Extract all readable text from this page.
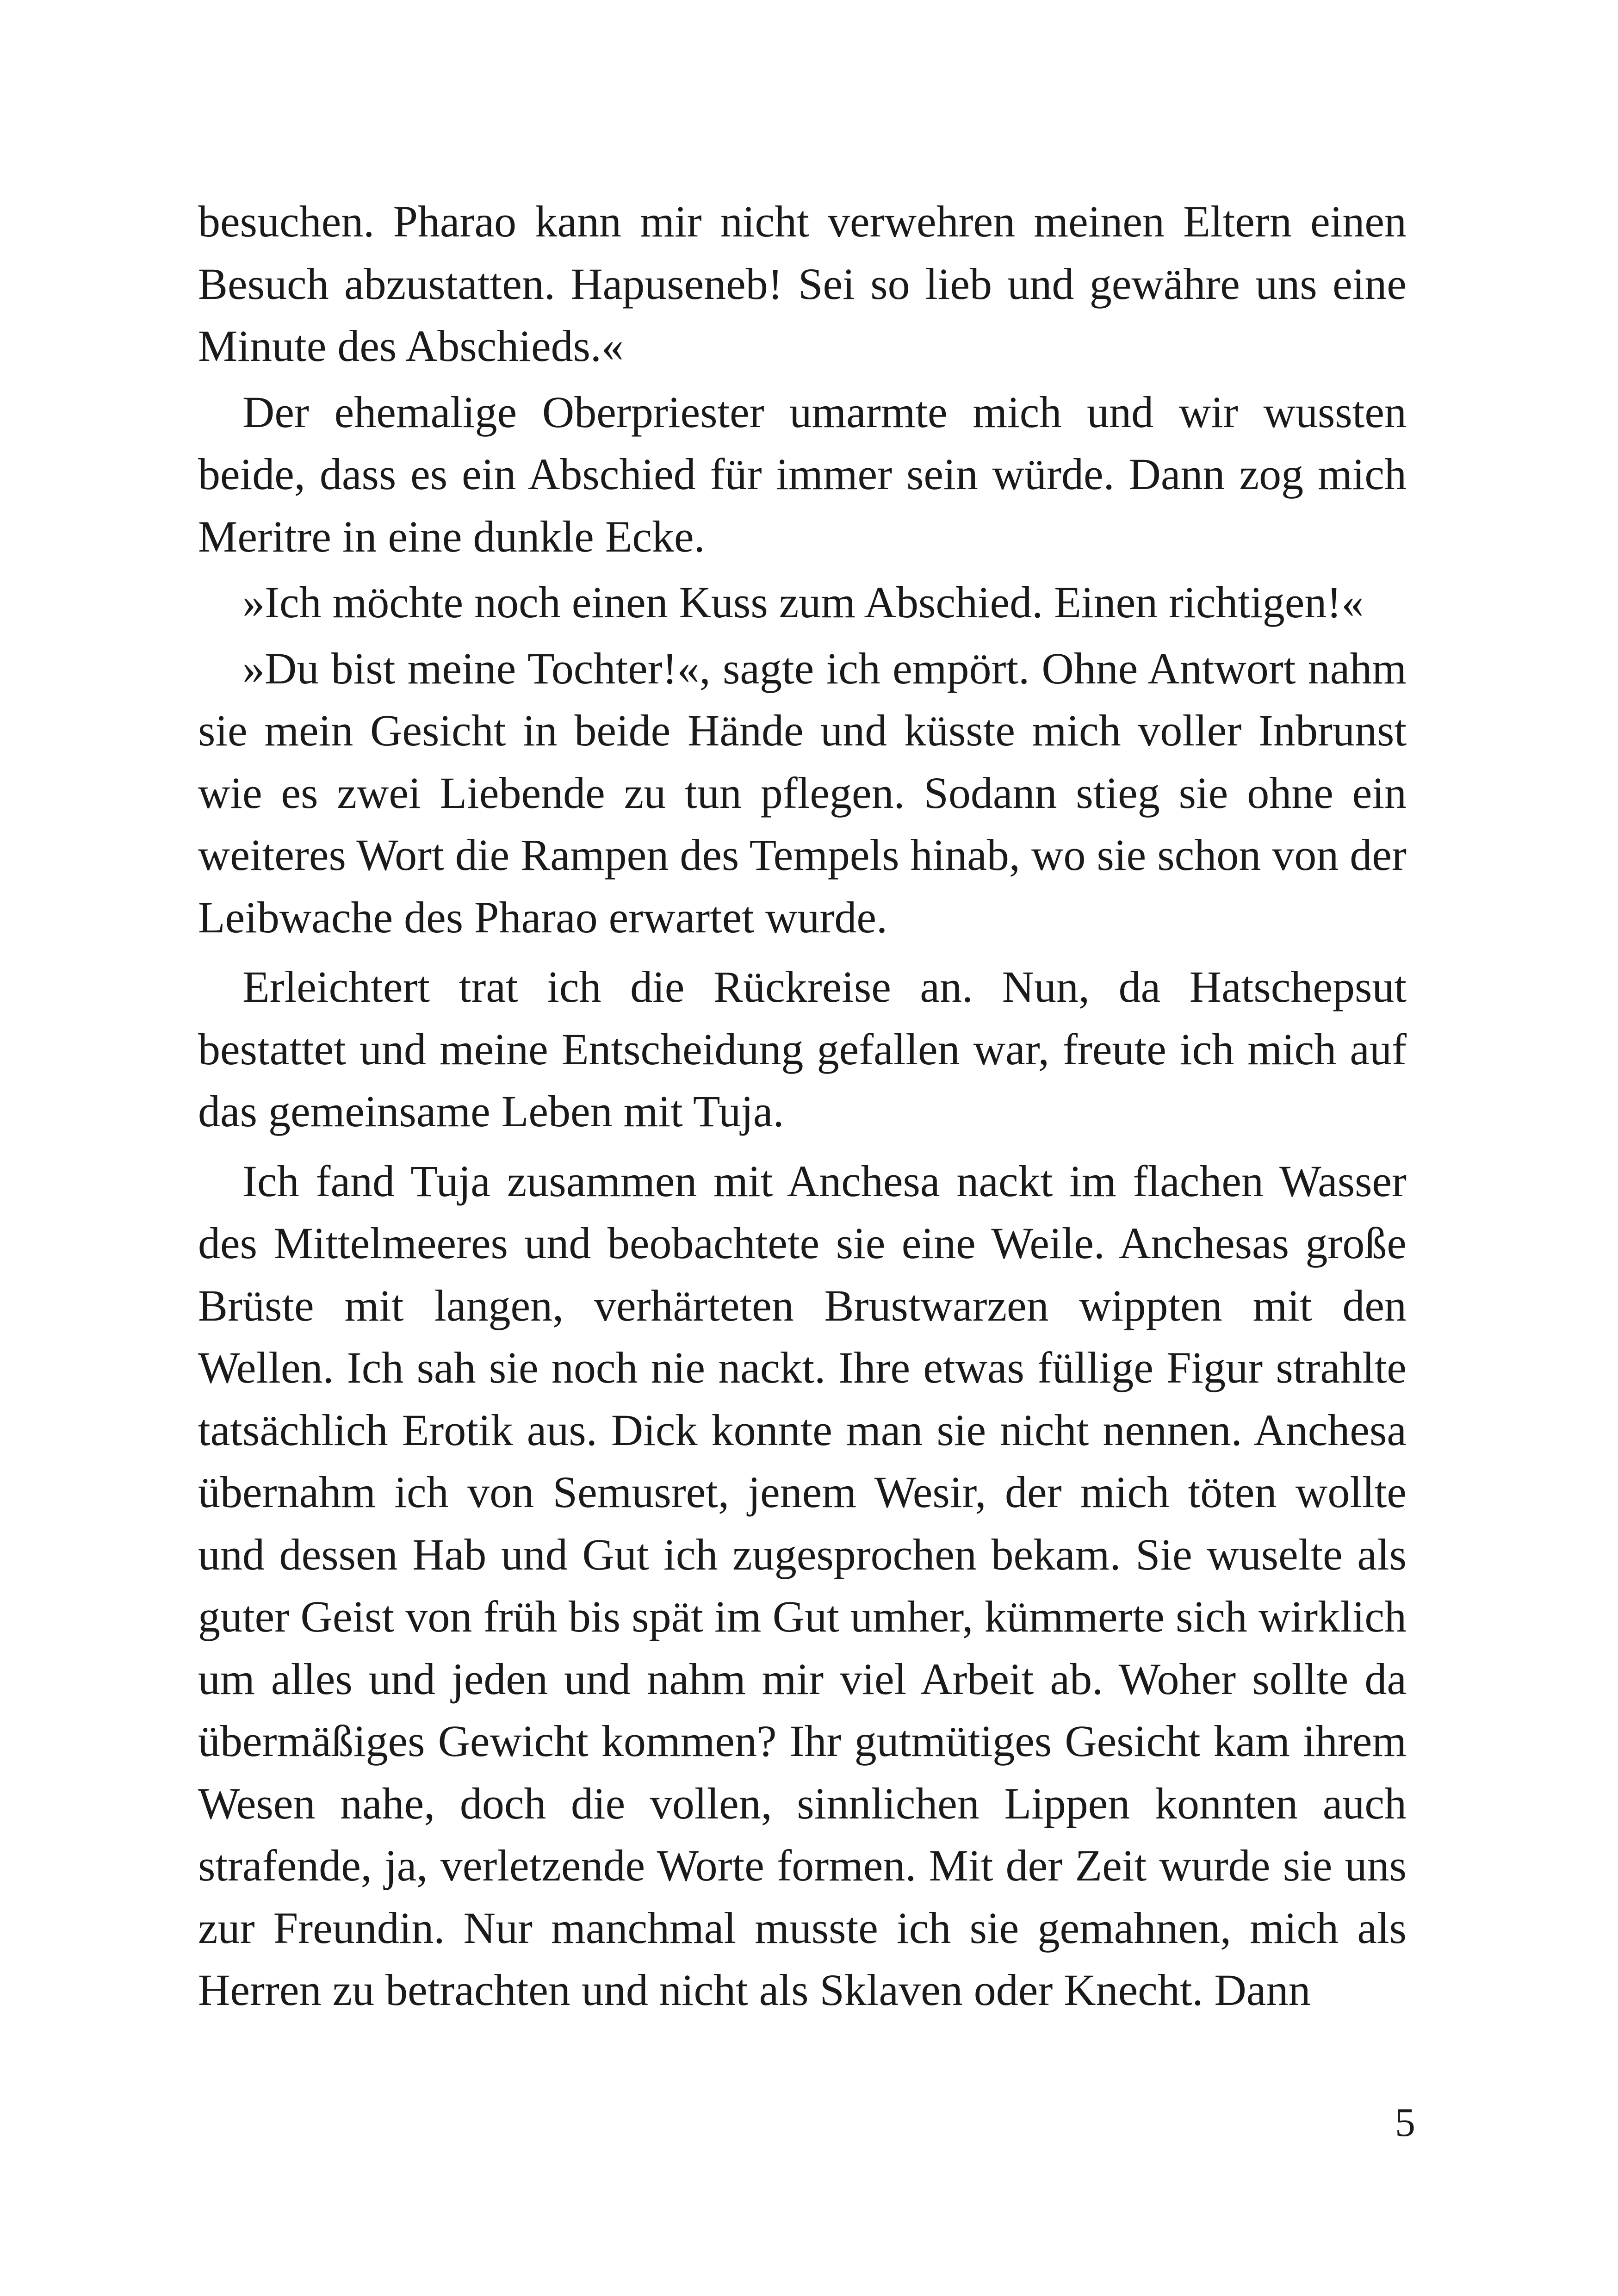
besuchen. Pharao kann mir nicht verwehren meinen Eltern einen Besuch abzustatten. Hapuseneb! Sei so lieb und gewähre uns eine Minute des Abschieds.«

Der ehemalige Oberpriester umarmte mich und wir wussten beide, dass es ein Abschied für immer sein würde. Dann zog mich Meritre in eine dunkle Ecke.

»Ich möchte noch einen Kuss zum Abschied. Einen richtigen!«

»Du bist meine Tochter!«, sagte ich empört. Ohne Antwort nahm sie mein Gesicht in beide Hände und küsste mich voller Inbrunst wie es zwei Liebende zu tun pflegen. Sodann stieg sie ohne ein weiteres Wort die Rampen des Tempels hinab, wo sie schon von der Leibwache des Pharao erwartet wurde.

Erleichtert trat ich die Rückreise an. Nun, da Hatschepsut bestattet und meine Entscheidung gefallen war, freute ich mich auf das gemeinsame Leben mit Tuja.

Ich fand Tuja zusammen mit Anchesa nackt im flachen Wasser des Mittelmeeres und beobachtete sie eine Weile. Anchesas große Brüste mit langen, verhärteten Brustwarzen wippten mit den Wellen. Ich sah sie noch nie nackt. Ihre etwas füllige Figur strahlte tatsächlich Erotik aus. Dick konnte man sie nicht nennen. Anchesa übernahm ich von Semusret, jenem Wesir, der mich töten wollte und dessen Hab und Gut ich zugesprochen bekam. Sie wuselte als guter Geist von früh bis spät im Gut umher, kümmerte sich wirklich um alles und jeden und nahm mir viel Arbeit ab. Woher sollte da übermäßiges Gewicht kommen? Ihr gutmütiges Gesicht kam ihrem Wesen nahe, doch die vollen, sinnlichen Lippen konnten auch strafende, ja, verletzende Worte formen. Mit der Zeit wurde sie uns zur Freundin. Nur manchmal musste ich sie gemahnen, mich als Herren zu betrachten und nicht als Sklaven oder Knecht. Dann

5
